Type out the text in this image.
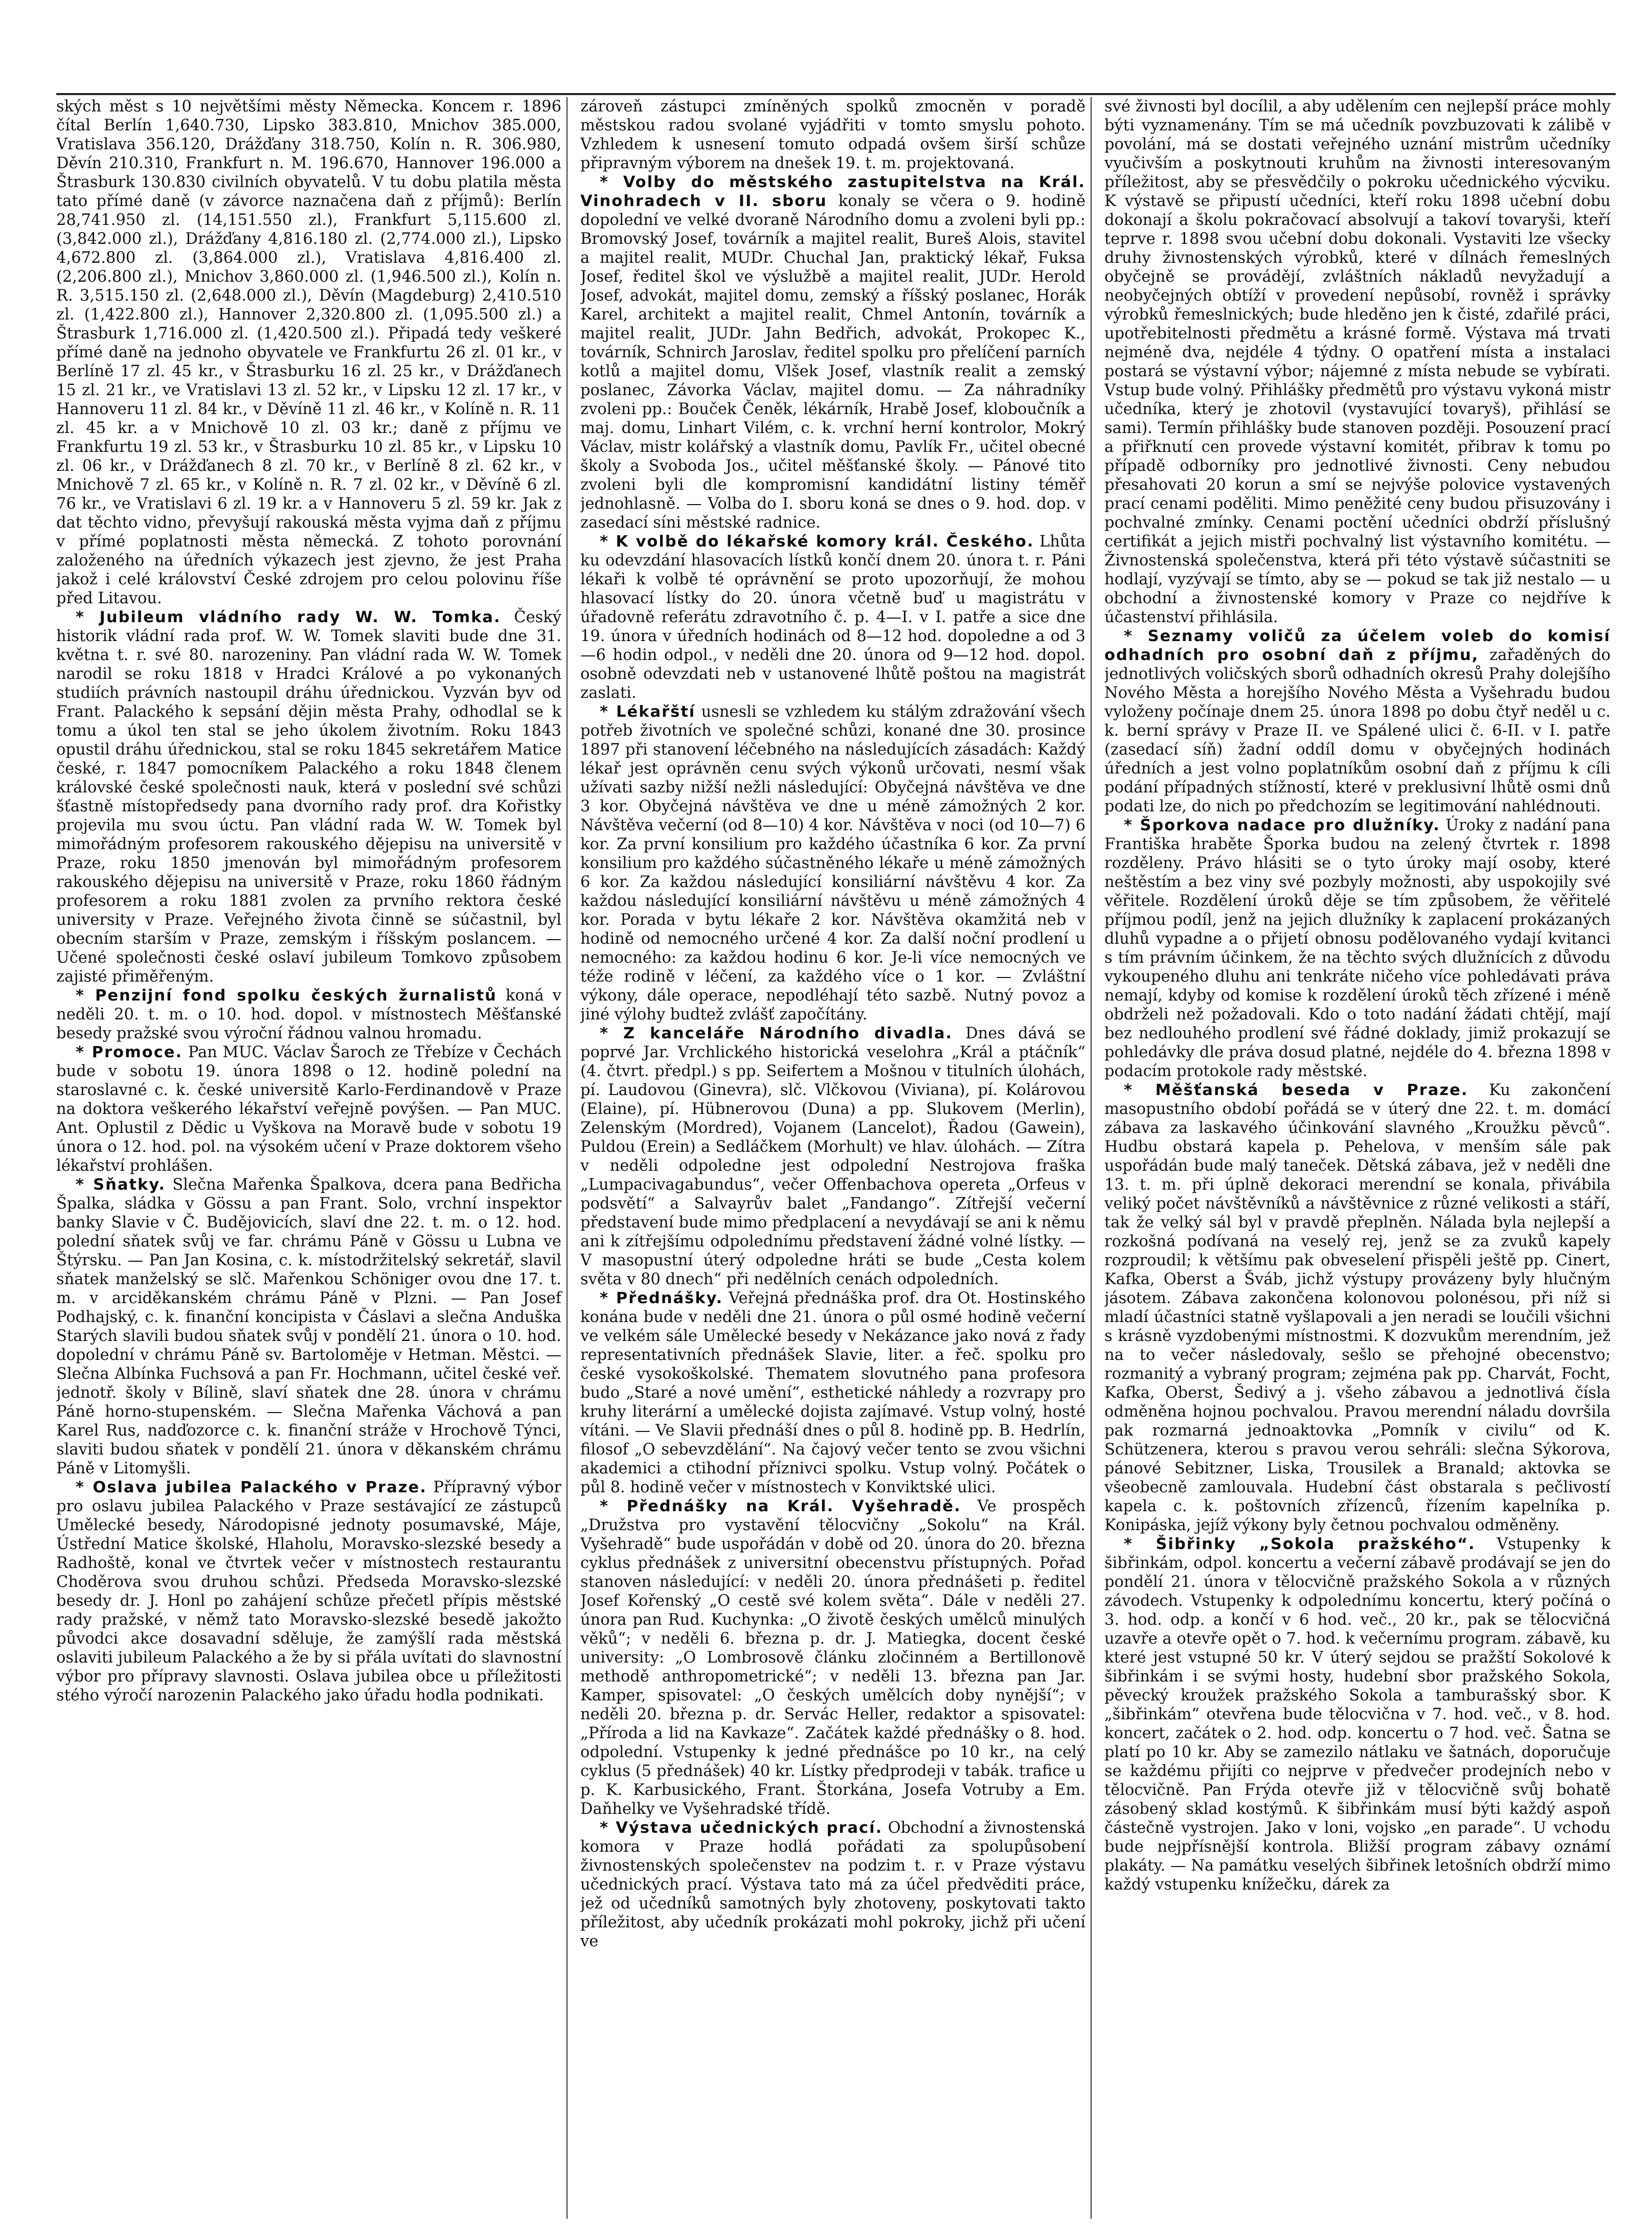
ských měst s 10 největšími městy Německa. Koncem r. 1896 čítal Berlín 1,640.730, Lipsko 383.810, Mnichov 385.000, Vratislava 356.120, Drážďany 318.750, Kolín n. R. 306.980, Děvín 210.310, Frankfurt n. M. 196.670, Hannover 196.000 a Štrasburk 130.830 civilních obyvatelů. V tu dobu platila města tato přímé daně (v závorce naznačena daň z příjmů): Berlín 28,741.950 zl. (14,151.550 zl.), Frankfurt 5,115.600 zl. (3,842.000 zl.), Drážďany 4,816.180 zl. (2,774.000 zl.), Lipsko 4,672.800 zl. (3,864.000 zl.), Vratislava 4,816.400 zl. (2,206.800 zl.), Mnichov 3,860.000 zl. (1,946.500 zl.), Kolín n. R. 3,515.150 zl. (2,648.000 zl.), Děvín (Magdeburg) 2,410.510 zl. (1,422.800 zl.), Hannover 2,320.800 zl. (1,095.500 zl.) a Štrasburk 1,716.000 zl. (1,420.500 zl.). Připadá tedy veškeré přímé daně na jednoho obyvatele ve Frankfurtu 26 zl. 01 kr., v Berlíně 17 zl. 45 kr., v Štrasburku 16 zl. 25 kr., v Drážďanech 15 zl. 21 kr., ve Vratislavi 13 zl. 52 kr., v Lipsku 12 zl. 17 kr., v Hannoveru 11 zl. 84 kr., v Děvíně 11 zl. 46 kr., v Kolíně n. R. 11 zl. 45 kr. a v Mnichově 10 zl. 03 kr.; daně z příjmu ve Frankfurtu 19 zl. 53 kr., v Štrasburku 10 zl. 85 kr., v Lipsku 10 zl. 06 kr., v Drážďanech 8 zl. 70 kr., v Berlíně 8 zl. 62 kr., v Mnichově 7 zl. 65 kr., v Kolíně n. R. 7 zl. 02 kr., v Děvíně 6 zl. 76 kr., ve Vratislavi 6 zl. 19 kr. a v Hannoveru 5 zl. 59 kr. Jak z dat těchto vidno, převyšují rakouská města vyjma daň z příjmu v přímé poplatnosti města německá. Z tohoto porovnání založeného na úředních výkazech jest zjevno, že jest Praha jakož i celé království České zdrojem pro celou polovinu říše před Litavou.

* Jubileum vládního rady W. W. Tomka. Český historik vládní rada prof. W. W. Tomek slaviti bude dne 31. května t. r. své 80. narozeniny. Pan vládní rada W. W. Tomek narodil se roku 1818 v Hradci Králové a po vykonaných studiích právních nastoupil dráhu úřednickou. Vyzván byv od Frant. Palackého k sepsání dějin města Prahy, odhodlal se k tomu a úkol ten stal se jeho úkolem životním. Roku 1843 opustil dráhu úřednickou, stal se roku 1845 sekretářem Matice české, r. 1847 pomocníkem Palackého a roku 1848 členem královské české společnosti nauk, která v poslední své schůzi šťastně místopředsedy pana dvorního rady prof. dra Kořistky projevila mu svou úctu. Pan vládní rada W. W. Tomek byl mimořádným profesorem rakouského dějepisu na universitě v Praze, roku 1850 jmenován byl mimořádným profesorem rakouského dějepisu na universitě v Praze, roku 1860 řádným profesorem a roku 1881 zvolen za prvního rektora české university v Praze. Veřejného života činně se súčastnil, byl obecním starším v Praze, zemským i říšským poslancem. — Učené společnosti české oslaví jubileum Tomkovo způsobem zajisté přiměřeným.

* Penzijní fond spolku českých žurnalistů koná v neděli 20. t. m. o 10. hod. dopol. v místnostech Měšťanské besedy pražské svou výroční řádnou valnou hromadu.

* Promoce. Pan MUC. Václav Šaroch ze Třebíze v Čechách bude v sobotu 19. února 1898 o 12. hodině polední na staroslavné c. k. české universitě Karlo-Ferdinandově v Praze na doktora veškerého lékařství veřejně povýšen. — Pan MUC. Ant. Oplustil z Dědic u Vyškova na Moravě bude v sobotu 19 února o 12. hod. pol. na výsokém učení v Praze doktorem všeho lékařství prohlášen.

* Sňatky. Slečna Mařenka Špalkova, dcera pana Bedřicha Špalka, sládka v Gössu a pan Frant. Solo, vrchní inspektor banky Slavie v Č. Budějovicích, slaví dne 22. t. m. o 12. hod. polední sňatek svůj ve far. chrámu Páně v Gössu u Lubna ve Štýrsku. — Pan Jan Kosina, c. k. místodržitelský sekretář, slavil sňatek manželský se slč. Mařenkou Schöniger ovou dne 17. t. m. v arciděkanském chrámu Páně v Plzni. — Pan Josef Podhajský, c. k. finanční koncipista v Čáslavi a slečna Anduška Starých slavili budou sňatek svůj v pondělí 21. února o 10. hod. dopolední v chrámu Páně sv. Bartoloměje v Hetman. Městci. — Slečna Albínka Fuchsová a pan Fr. Hochmann, učitel české veř. jednotř. školy v Bílině, slaví sňatek dne 28. února v chrámu Páně horno-stupenském. — Slečna Mařenka Váchová a pan Karel Rus, nadďozorce c. k. finanční stráže v Hrochově Týnci, slaviti budou sňatek v pondělí 21. února v děkanském chrámu Páně v Litomyšli.

* Oslava jubilea Palackého v Praze. Přípravný výbor pro oslavu jubilea Palackého v Praze sestávající ze zástupců Umělecké besedy, Národopisné jednoty posumavské, Máje, Ústřední Matice školské, Hlaholu, Moravsko-slezské besedy a Radhoště, konal ve čtvrtek večer v místnostech restaurantu Choděrova svou druhou schůzi. Předseda Moravsko-slezské besedy dr. J. Honl po zahájení schůze přečetl přípis městské rady pražské, v němž tato Moravsko-slezské besedě jakožto původci akce dosavadní sděluje, že zamýšlí rada městská oslaviti jubileum Palackého a že by si přála uvítati do slavnostní výbor pro přípravy slavnosti. Oslava jubilea obce u příležitosti stého výročí narozenin Palackého jako úřadu hodla podnikati.

zároveň zástupci zmíněných spolků zmocněn v poradě městskou radou svolané vyjádřiti v tomto smyslu pohoto. Vzhledem k usnesení tomuto odpadá ovšem širší schůze připravným výborem na dnešek 19. t. m. projektovaná.

* Volby do městského zastupitelstva na Král. Vinohradech v II. sboru konaly se včera o 9. hodině dopolední ve velké dvoraně Národního domu a zvoleni byli pp.: Bromovský Josef, továrník a majitel realit, Bureš Alois, stavitel a majitel realit, MUDr. Chuchal Jan, praktický lékař, Fuksa Josef, ředitel škol ve výslužbě a majitel realit, JUDr. Herold Josef, advokát, majitel domu, zemský a říšský poslanec, Horák Karel, architekt a majitel realit, Chmel Antonín, továrník a majitel realit, JUDr. Jahn Bedřich, advokát, Prokopec K., továrník, Schnirch Jaroslav, ředitel spolku pro přelíčení parních kotlů a majitel domu, Vlšek Josef, vlastník realit a zemský poslanec, Závorka Václav, majitel domu. — Za náhradníky zvoleni pp.: Bouček Čeněk, lékárník, Hrabě Josef, kloboučník a maj. domu, Linhart Vilém, c. k. vrchní herní kontrolor, Mokrý Václav, mistr kolářský a vlastník domu, Pavlík Fr., učitel obecné školy a Svoboda Jos., učitel měšťanské školy. — Pánové tito zvoleni byli dle kompromisní kandidátní listiny téměř jednohlasně. — Volba do I. sboru koná se dnes o 9. hod. dop. v zasedací síni městské radnice.

* K volbě do lékařské komory král. Českého. Lhůta ku odevzdání hlasovacích lístků končí dnem 20. února t. r. Páni lékaři k volbě té oprávnění se proto upozorňují, že mohou hlasovací lístky do 20. února včetně buď u magistrátu v úřadovně referátu zdravotního č. p. 4—I. v I. patře a sice dne 19. února v úředních hodinách od 8—12 hod. dopoledne a od 3—6 hodin odpol., v neděli dne 20. února od 9—12 hod. dopol. osobně odevzdati neb v ustanovené lhůtě poštou na magistrát zaslati.

* Lékařští usnesli se vzhledem ku stálým zdražování všech potřeb životních ve společné schůzi, konané dne 30. prosince 1897 při stanovení léčebného na následujících zásadách: Každý lékař jest oprávněn cenu svých výkonů určovati, nesmí však užívati sazby nižší nežli následující: Obyčejná návštěva ve dne 3 kor. Obyčejná návštěva ve dne u méně zámožných 2 kor. Návštěva večerní (od 8—10) 4 kor. Návštěva v noci (od 10—7) 6 kor. Za první konsilium pro každého účastníka 6 kor. Za první konsilium pro každého súčastněného lékaře u méně zámožných 6 kor. Za každou následující konsiliární návštěvu 4 kor. Za každou následující konsiliární návštěvu u méně zámožných 4 kor. Porada v bytu lékaře 2 kor. Návštěva okamžitá neb v hodině od nemocného určené 4 kor. Za další noční prodlení u nemocného: za každou hodinu 6 kor. Je-li více nemocných ve téže rodině v léčení, za každého více o 1 kor. — Zvláštní výkony, dále operace, nepodléhají této sazbě. Nutný povoz a jiné výlohy budtež zvlášť započítány.

* Z kanceláře Národního divadla. Dnes dává se poprvé Jar. Vrchlického historická veselohra „Král a ptáčník“ (4. čtvrt. předpl.) s pp. Seifertem a Mošnou v titulních úlohách, pí. Laudovou (Ginevra), slč. Vlčkovou (Viviana), pí. Kolárovou (Elaine), pí. Hübnerovou (Duna) a pp. Slukovem (Merlin), Zelenským (Mordred), Vojanem (Lancelot), Řadou (Gawein), Puldou (Erein) a Sedláčkem (Morhult) ve hlav. úlohách. — Zítra v neděli odpoledne jest odpolední Nestrojova fraška „Lumpacivagabundus“, večer Offenbachova opereta „Orfeus v podsvětí“ a Salvayrův balet „Fandango“. Zítřejší večerní představení bude mimo předplacení a nevydávají se ani k němu ani k zítřejšímu odpolednímu představení žádné volné lístky. — V masopustní úterý odpoledne hráti se bude „Cesta kolem světa v 80 dnech“ při nedělních cenách odpoledních.

* Přednášky. Veřejná přednáška prof. dra Ot. Hostinského konána bude v neděli dne 21. února o půl osmé hodině večerní ve velkém sále Umělecké besedy v Nekázance jako nová z řady representativních přednášek Slavie, liter. a řeč. spolku pro české vysokoškolské. Thematem slovutného pana profesora budo „Staré a nové umění“, esthetické náhledy a rozvrapy pro kruhy literární a umělecké dojista zajímavé. Vstup volný, hosté vítáni. — Ve Slavii přednáší dnes o půl 8. hodině pp. B. Hedrlín, filosof „O sebevzdělání“. Na čajový večer tento se zvou všichni akademici a ctihodní příznivci spolku. Vstup volný. Počátek o půl 8. hodině večer v místnostech v Konviktské ulici.

* Přednášky na Král. Vyšehradě. Ve prospěch „Družstva pro vystavění tělocvičny „Sokolu“ na Král. Vyšehradě“ bude uspořádán v době od 20. února do 20. března cyklus přednášek z universitní obecenstvu přístupných. Pořad stanoven následující: v neděli 20. února přednášeti p. ředitel Josef Kořenský „O cestě své kolem světa“. Dále v neděli 27. února pan Rud. Kuchynka: „O životě českých umělců minulých věků“; v neděli 6. března p. dr. J. Matiegka, docent české university: „O Lombrosově článku zločinném a Bertillonově methodě anthropometrické“; v neděli 13. března pan Jar. Kamper, spisovatel: „O českých umělcích doby nynější“; v neděli 20. března p. dr. Servác Heller, redaktor a spisovatel: „Příroda a lid na Kavkaze“. Začátek každé přednášky o 8. hod. odpolední. Vstupenky k jedné přednášce po 10 kr., na celý cyklus (5 přednášek) 40 kr. Lístky předprodeji v tabák. trafice u p. K. Karbusického, Frant. Štorkána, Josefa Votruby a Em. Daňhelky ve Vyšehradské třídě.

* Výstava učednických prací. Obchodní a živnostenská komora v Praze hodlá pořádati za spolupůsobení živnostenských společenstev na podzim t. r. v Praze výstavu učednických prací. Výstava tato má za účel předvěditi práce, jež od učedníků samotných byly zhotoveny, poskytovati takto příležitost, aby učedník prokázati mohl pokroky, jichž při učení ve

své živnosti byl docílil, a aby udělením cen nejlepší práce mohly býti vyznamenány. Tím se má učedník povzbuzovati k zálibě v povolání, má se dostati veřejného uznání mistrům učedníky vyučivším a poskytnouti kruhům na živnosti interesovaným příležitost, aby se přesvědčily o pokroku učednického výcviku. K výstavě se připustí učedníci, kteří roku 1898 učební dobu dokonají a školu pokračovací absolvují a takoví tovaryši, kteří teprve r. 1898 svou učební dobu dokonali. Vystaviti lze všecky druhy živnostenských výrobků, které v dílnách řemeslných obyčejně se provádějí, zvláštních nákladů nevyžadují a neobyčejných obtíží v provedení nepůsobí, rovněž i správky výrobků řemeslnických; bude hleděno jen k čisté, zdařilé práci, upotřebitelnosti předmětu a krásné formě. Výstava má trvati nejméně dva, nejdéle 4 týdny. O opatření místa a instalaci postará se výstavní výbor; nájemné z místa nebude se vybírati. Vstup bude volný. Přihlášky předmětů pro výstavu vykoná mistr učedníka, který je zhotovil (vystavující tovaryš), přihlásí se sami). Termín přihlášky bude stanoven později. Posouzení prací a přiřknutí cen provede výstavní komitét, přibrav k tomu po případě odborníky pro jednotlivé živnosti. Ceny nebudou přesahovati 20 korun a smí se nejvýše polovice vystavených prací cenami poděliti. Mimo peněžité ceny budou přisuzovány i pochvalné zmínky. Cenami poctění učedníci obdrží příslušný certifikát a jejich mistři pochvalný list výstavního komitétu. — Živnostenská společenstva, která při této výstavě súčastniti se hodlají, vyzývají se tímto, aby se — pokud se tak již nestalo — u obchodní a živnostenské komory v Praze co nejdříve k účastenství přihlásila.

* Seznamy voličů za účelem voleb do komisí odhadních pro osobní daň z příjmu, zařaděných do jednotlivých voličských sborů odhadních okresů Prahy dolejšího Nového Města a horejšího Nového Města a Vyšehradu budou vyloženy počínaje dnem 25. února 1898 po dobu čtyř neděl u c. k. berní správy v Praze II. ve Spálené ulici č. 6-II. v I. patře (zasedací síň) žadní oddíl domu v obyčejných hodinách úředních a jest volno poplatníkům osobní daň z příjmu k cíli podání případných stížností, které v preklusivní lhůtě osmi dnů podati lze, do nich po předchozím se legitimování nahlédnouti.

* Šporkova nadace pro dlužníky. Úroky z nadání pana Františka hraběte Šporka budou na zelený čtvrtek r. 1898 rozděleny. Právo hlásiti se o tyto úroky mají osoby, které neštěstím a bez viny své pozbyly možnosti, aby uspokojily své věřitele. Rozdělení úroků děje se tím způsobem, že věřitelé příjmou podíl, jenž na jejich dlužníky k zaplacení prokázaných dluhů vypadne a o přijetí obnosu podělovaného vydají kvitanci s tím právním účinkem, že na těchto svých dlužnících z důvodu vykoupeného dluhu ani tenkráte ničeho více pohledávati práva nemají, kdyby od komise k rozdělení úroků těch zřízené i méně obdrželi než požadovali. Kdo o toto nadání žádati chtějí, mají bez nedlouhého prodlení své řádné doklady, jimiž prokazují se pohledávky dle práva dosud platné, nejdéle do 4. března 1898 v podacím protokole rady městské.

* Měšťanská beseda v Praze. Ku zakončení masopustního období pořádá se v úterý dne 22. t. m. domácí zábava za laskavého účinkování slavného „Kroužku pěvců“. Hudbu obstará kapela p. Pehelova, v menším sále pak uspořádán bude malý taneček. Dětská zábava, jež v neděli dne 13. t. m. při úplně dekoraci merendní se konala, přivábila veliký počet návštěvníků a návštěvnice z různé velikosti a stáří, tak že velký sál byl v pravdě přeplněn. Nálada byla nejlepší a rozkošná podívaná na veselý rej, jenž se za zvuků kapely rozproudil; k většímu pak obveselení přispěli ještě pp. Cinert, Kafka, Oberst a Šváb, jichž výstupy provázeny byly hlučným jásotem. Zábava zakončena kolonovou polonésou, při níž si mladí účastníci statně vyšlapovali a jen neradi se loučili všichni s krásně vyzdobenými místnostmi. K dozvukům merendním, jež na to večer následovaly, sešlo se přehojné obecenstvo; rozmanitý a vybraný program; zejména pak pp. Charvát, Focht, Kafka, Oberst, Šedivý a j. všeho zábavou a jednotlivá čísla odměněna hojnou pochvalou. Pravou merendní náladu dovršila pak rozmarná jednoaktovka „Pomník v civilu“ od K. Schützenera, kterou s pravou verou sehráli: slečna Sýkorova, pánové Sebitzner, Liska, Trousilek a Branald; aktovka se všeobecně zamlouvala. Hudební část obstarala s pečlivostí kapela c. k. poštovních zřízenců, řízením kapelníka p. Konipáska, jejíž výkony byly četnou pochvalou odměněny.

* Šibřinky „Sokola pražského“. Vstupenky k šibřinkám, odpol. koncertu a večerní zábavě prodávají se jen do pondělí 21. února v tělocvičně pražského Sokola a v různých závodech. Vstupenky k odpolednímu koncertu, který počíná o 3. hod. odp. a končí v 6 hod. več., 20 kr., pak se tělocvičná uzavře a otevře opět o 7. hod. k večernímu program. zábavě, ku které jest vstupné 50 kr. V úterý sejdou se pražští Sokolové k šibřinkám i se svými hosty, hudební sbor pražského Sokola, pěvecký kroužek pražského Sokola a tamburašský sbor. K „šibřinkám“ otevřena bude tělocvična v 7. hod. več., v 8. hod. koncert, začátek o 2. hod. odp. koncertu o 7 hod. več. Šatna se platí po 10 kr. Aby se zamezilo nátlaku ve šatnách, doporučuje se každému přijíti co nejprve v předvečer prodejních nebo v tělocvičně. Pan Frýda otevře již v tělocvičně svůj bohatě zásobený sklad kostýmů. K šibřinkám musí býti každý aspoň částečně vystrojen. Jako v loni, vojsko „en parade“. U vchodu bude nejpřísnější kontrola. Bližší program zábavy oznámí plakáty. — Na památku veselých šibřinek letošních obdrží mimo každý vstupenku knížečku, dárek za
